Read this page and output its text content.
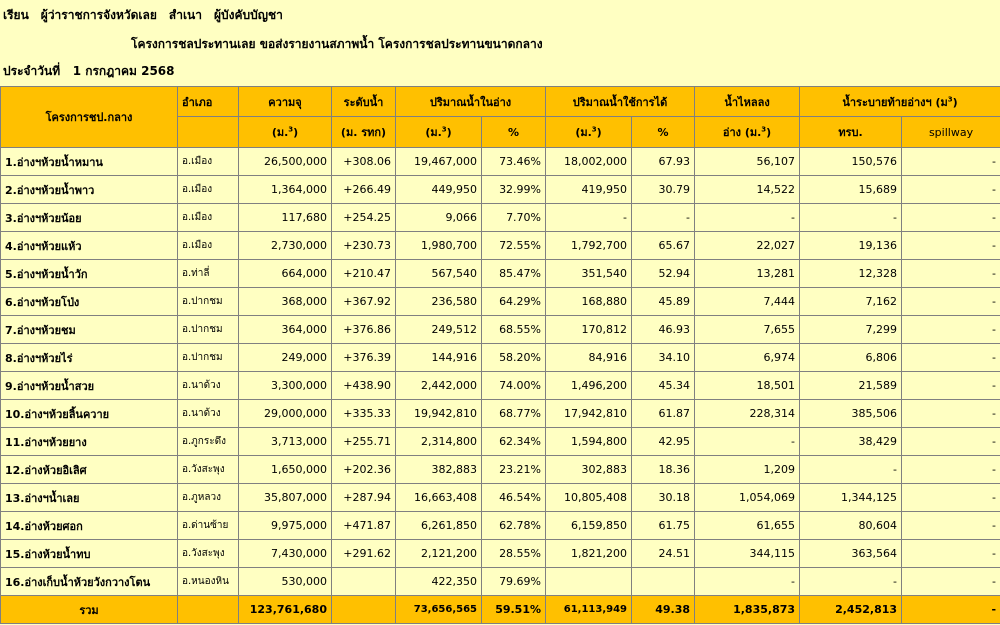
เรียน ผู้ว่าราชการจังหวัดเลย สำเนา ผู้บังคับบัญชา
โครงการชลประทานเลย ขอส่งรายงานสภาพน้ำ โครงการชลประทานขนาดกลาง
ประจำวันที่ 1 กรกฎาคม 2568
โครงการชป.กลาง	อำเภอ	ความจุ	ระดับน้ำ	ปริมาณน้ำในอ่าง		ปริมาณน้ำใช้การได้		น้ำไหลลง	น้ำระบายท้ายอ่างฯ (ม$^3$)	
		(ม.$^3$)	(ม. รทก)	(ม.$^3$)	%	(ม.$^3$)	%	อ่าง (ม.$^3$)	ทรบ.	spillway
1.อ่างฯห้วยน้ำหมาน	อ.เมือง	26,500,000	+308.06	19,467,000	73.46%	18,002,000	67.93	56,107	150,576	-
2.อ่างฯห้วยน้ำพาว	อ.เมือง	1,364,000	+266.49	449,950	32.99%	419,950	30.79	14,522	15,689	-
3.อ่างฯห้วยน้อย	อ.เมือง	117,680	+254.25	9,066	7.70%	-	-	-	-	-
4.อ่างฯห้วยแห้ว	อ.เมือง	2,730,000	+230.73	1,980,700	72.55%	1,792,700	65.67	22,027	19,136	-
5.อ่างฯห้วยน้ำวัก	อ.ท่าลี่	664,000	+210.47	567,540	85.47%	351,540	52.94	13,281	12,328	-
6.อ่างฯห้วยโป่ง	อ.ปากชม	368,000	+367.92	236,580	64.29%	168,880	45.89	7,444	7,162	-
7.อ่างฯห้วยชม	อ.ปากชม	364,000	+376.86	249,512	68.55%	170,812	46.93	7,655	7,299	-
8.อ่างฯห้วยไร่	อ.ปากชม	249,000	+376.39	144,916	58.20%	84,916	34.10	6,974	6,806	-
9.อ่างฯห้วยน้ำสวย	อ.นาด้วง	3,300,000	+438.90	2,442,000	74.00%	1,496,200	45.34	18,501	21,589	-
10.อ่างฯห้วยลิ้นควาย	อ.นาด้วง	29,000,000	+335.33	19,942,810	68.77%	17,942,810	61.87	228,314	385,506	-
11.อ่างฯห้วยยาง	อ.ภูกระดึง	3,713,000	+255.71	2,314,800	62.34%	1,594,800	42.95	-	38,429	-
12.อ่างห้วยอิเลิศ	อ.วังสะพุง	1,650,000	+202.36	382,883	23.21%	302,883	18.36	1,209	-	-
13.อ่างฯน้ำเลย	อ.ภูหลวง	35,807,000	+287.94	16,663,408	46.54%	10,805,408	30.18	1,054,069	1,344,125	-
14.อ่างห้วยศอก	อ.ด่านซ้าย	9,975,000	+471.87	6,261,850	62.78%	6,159,850	61.75	61,655	80,604	-
15.อ่างห้วยน้ำทบ	อ.วังสะพุง	7,430,000	+291.62	2,121,200	28.55%	1,821,200	24.51	344,115	363,564	-
16.อ่างเก็บน้ำห้วยวังกวางโตน	อ.หนองหิน	530,000		422,350	79.69%			-	-	-
รวม		123,761,680		73,656,565	59.51%	61,113,949	49.38	1,835,873	2,452,813	-
